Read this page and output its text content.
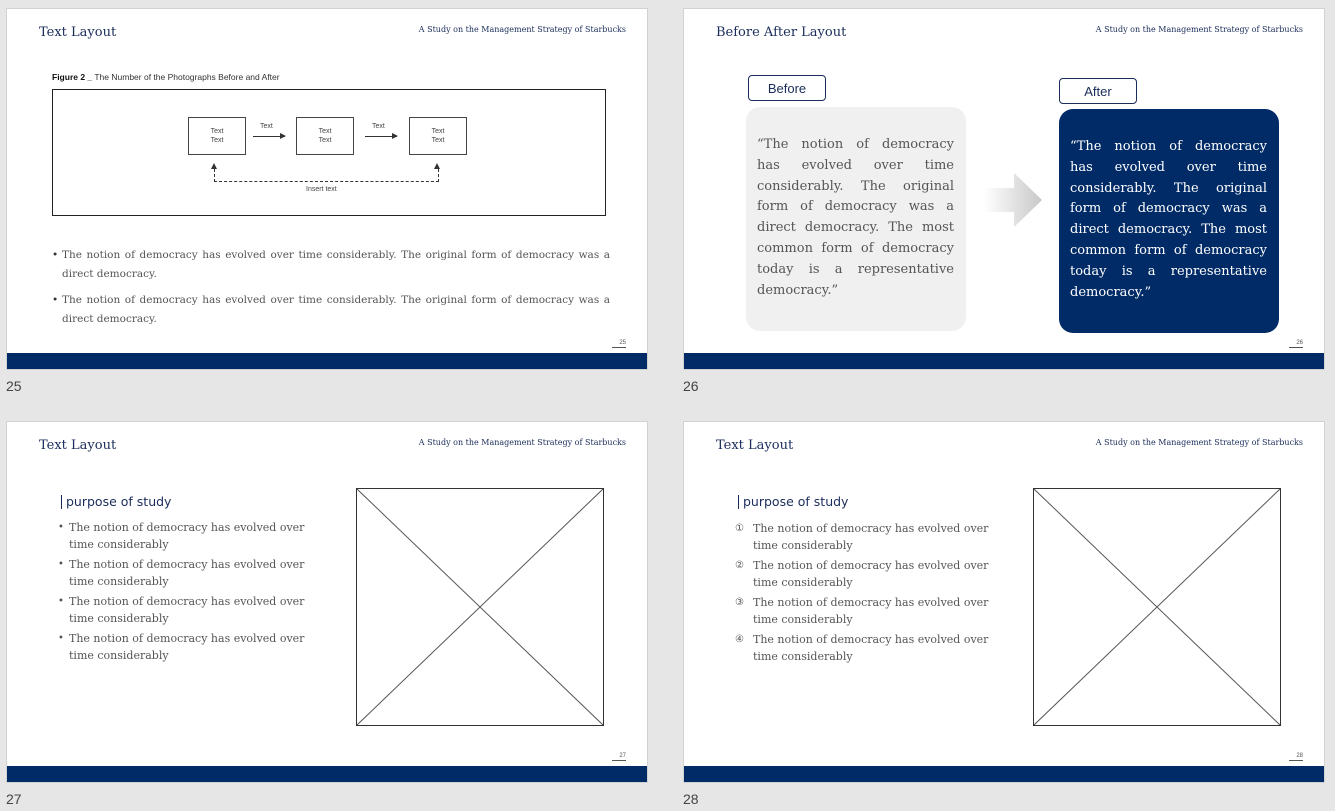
Text Layout	A Study on the Management Strategy of Starbucks
Figure 2 _ The Number of the Photographs Before and After
Text
Text
Text
Text
Text
Text
Text	Text
Insert text
• The notion of democracy has evolved over time considerably. The original form of democracy was a direct democracy.
• The notion of democracy has evolved over time considerably. The original form of democracy was a direct democracy.
25
25
Before After Layout	A Study on the Management Strategy of Starbucks
“The notion of democracy has evolved over time considerably. The original form of democracy was a direct democracy. The most common form of democracy today is a representative democracy.”
Before
“The notion of democracy has evolved over time considerably. The original form of democracy was a direct democracy. The most common form of democracy today is a representative democracy.”
After
26
26
Text Layout	A Study on the Management Strategy of Starbucks
purpose of study
• The notion of democracy has evolved over time considerably
• The notion of democracy has evolved over time considerably
• The notion of democracy has evolved over time considerably
• The notion of democracy has evolved over time considerably
27
27
Text Layout	A Study on the Management Strategy of Starbucks
purpose of study
① The notion of democracy has evolved over time considerably
② The notion of democracy has evolved over time considerably
③ The notion of democracy has evolved over time considerably
④ The notion of democracy has evolved over time considerably
28
28
